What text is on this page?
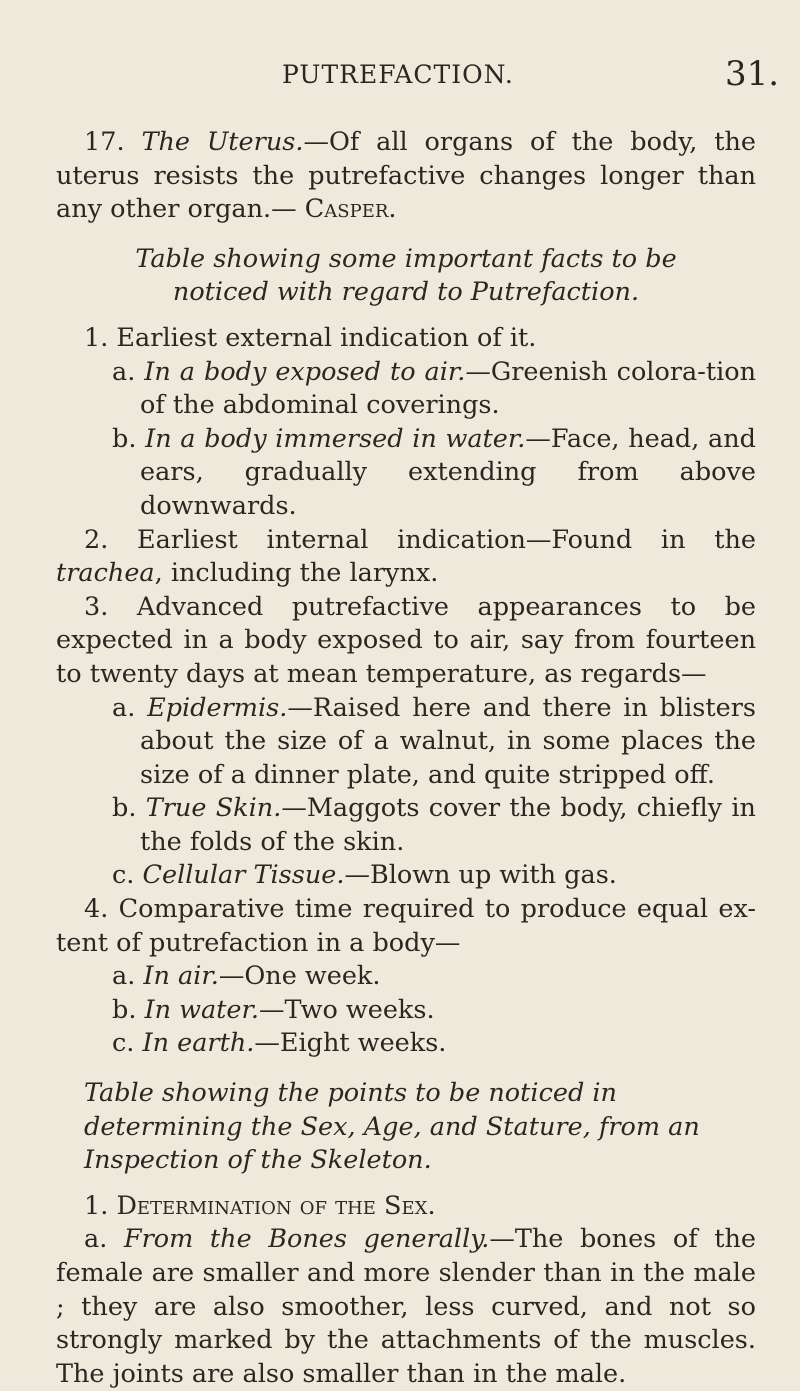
PUTREFACTION.	31.

17. The Uterus.—Of all organs of the body, the uterus resists the putrefactive changes longer than any other organ.— Casper.

Table showing some important facts to be noticed with regard to Putrefaction.

1. Earliest external indication of it.

a. In a body exposed to air.—Greenish colora-tion of the abdominal coverings.

b. In a body immersed in water.—Face, head, and ears, gradually extending from above downwards.

2. Earliest internal indication—Found in the trachea, including the larynx.

3. Advanced putrefactive appearances to be expected in a body exposed to air, say from fourteen to twenty days at mean temperature, as regards—

a. Epidermis.—Raised here and there in blisters about the size of a walnut, in some places the size of a dinner plate, and quite stripped off.

b. True Skin.—Maggots cover the body, chiefly in the folds of the skin.

c. Cellular Tissue.—Blown up with gas.

4. Comparative time required to produce equal ex-tent of putrefaction in a body—

a. In air.—One week.

b. In water.—Two weeks.

c. In earth.—Eight weeks.

Table showing the points to be noticed in determining the Sex, Age, and Stature, from an Inspection of the Skeleton.

1. Determination of the Sex.

a. From the Bones generally.—The bones of the female are smaller and more slender than in the male ; they are also smoother, less curved, and not so strongly marked by the attachments of the muscles. The joints are also smaller than in the male.
